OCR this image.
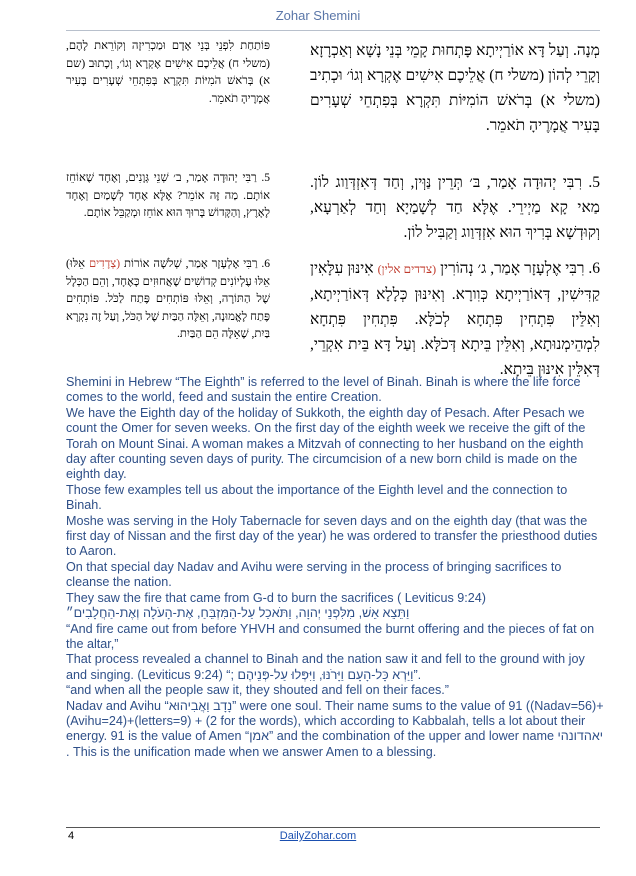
Zohar Shemini
פּוֹתַחַת לִפְנֵי בְּנֵי אָדָם וּמַכְרִיזָה וְקוֹרֵאת לָהֶם, (משלי ח) אֲלֵיכֶם אִישִׁים אֶקְרָא וְגוֹ׳, וְכָתוּב (שם א) בְּרֹאשׁ הֹמִיּוֹת תִּקְרָא בְּפִתְחֵי שְׁעָרִים בָּעִיר אֲמָרֶיהָ תֹאמֵר.
מְנָה. וְעַל דָּא אוֹרַיְיתָא פָּתְחוּת קָמֵי בְּנֵי נָשָׁא וְאַכְרָזָא וְקָרֵי לְהוֹן (משלי ח) אֲלֵיכֶם אִישִׁים אֶקְרָא וְגוֹ׳ וּכְתִיב (משלי א) בְּרֹאשׁ הוֹמִיּוֹת תִּקְרָא בְּפִתְחֵי שְׁעָרִים בָּעִיר אֲמָרֶיהָ תֹאמֵר.
5. רַבִּי יְהוּדָה אָמַר, ב׳ שְׁנֵי גְּוָנִים, וְאֶחָד שֶׁאוֹחֵז אוֹתָם. מַה זֶּה אוֹמֵר? אֶלָּא אֶחָד לְשָׁמַיִם וְאֶחָד לָאָרֶץ, וְהַקָּדוֹשׁ בָּרוּךְ הוּא אוֹחֵז וּמְקַבֵּל אוֹתָם.
5. רִבִּי יְהוּדָה אָמַר, בּ׳ תְּרֵין נַּוְּין, וְחַד דְּאִזְדְּוַוג לוֹן. מַאי קָא מַיְירֵי. אֶלָּא חַד לְשָׁמַיָא וְחַד לְאַרְעָא, וְקוּדְשָׁא בְּרִיךְ הוּא אִזְדְּוַוג וְקַבִּיל לוֹן.
6. רַבִּי אֶלְעָזָר אָמַר, שְׁלֹשָׁה אוֹרוֹת (צְדָדִים אֵלּוּ) אֵלּוּ עֶלְיוֹנִים קְדוֹשִׁים שֶׁאֲחוּזִים כָּאֶחָד, וְהֵם הַכְּלָל שֶׁל הַתּוֹרָה, וְאֵלּוּ פּוֹתְחִים פֶּתַח לַכֹּל. פּוֹתְחִים פֶּתַח לָאֱמוּנָה, וְאֵלֶּה הַבַּיִת שֶׁל הַכֹּל, וְעַל זֶה נִקְרָא בַּיִת, שֶׁאֵלֶּה הֵם הַבַּיִת.
6. רִבִּי אֶלְעָזָר אָמַר, ג׳ נְהוֹרִין (צדדים אלין) אִינּוּן עִלָּאִין קַדִּישִׁין, דְּאוֹרַיְיתָא כְּוִורָא. וְאִינּוּן כְּלָלָא דְּאוֹרַיְיתָא, וְאִלֵּין פִּתְחִין פִּתְחָא לְכֹלָּא. פִּתְחִין פִּתְחָא לִמְהֵימְנוּתָא, וְאִלֵּין בֵּיתָא דְּכֹלָּא. וְעַל דָּא בֵּית אִקְרֵי, דְּאִלֵּין אִינּוּן בֵּיתָא.

Shemini in Hebrew “The Eighth” is referred to the level of Binah. Binah is where the life force comes to the world, feed and sustain the entire Creation.

We have the Eighth day of the holiday of Sukkoth, the eighth day of Pesach. After Pesach we count the Omer for seven weeks. On the first day of the eighth week we receive the gift of the Torah on Mount Sinai. A woman makes a Mitzvah of connecting to her husband on the eighth day after counting seven days of purity. The circumcision of a new born child is made on the eighth day.

Those few examples tell us about the importance of the Eighth level and the connection to Binah.

Moshe was serving in the Holy Tabernacle for seven days and on the eighth day (that was the first day of Nissan and the first day of the year) he was ordered to transfer the priesthood duties to Aaron.

On that special day Nadav and Avihu were serving in the process of bringing sacrifices to cleanse the nation.

They saw the fire that came from G-d to burn the sacrifices ( Leviticus 9:24)

וַתֵּצֵא אֵשׁ, מִלִּפְנֵי יְהוָה, וַתֹּאכַל עַל-הַמִּזְבֵּחַ, אֶת-הָעֹלָה וְאֶת-הַחֲלָבִים״

“And fire came out from before YHVH and consumed the burnt offering and the pieces of fat on the altar,”

That process revealed a channel to Binah and the nation saw it and fell to the ground with joy and singing. (Leviticus 9:24) “; וַיַּרְא כָּל-הָעָם וַיָּרֹנּוּ, וַיִּפְּלוּ עַל-פְּנֵיהֶם”.

“and when all the people saw it, they shouted and fell on their faces.”

Nadav and Avihu “נָדָב וַאֲבִיהוּא” were one soul. Their name sums to the value of 91 ((Nadav=56)+ (Avihu=24)+(letters=9) + (2 for the words), which according to Kabbalah, tells a lot about their energy. 91 is the value of Amen “אמן” and the combination of the upper and lower name יאהדונהי . This is the unification made when we answer Amen to a blessing.

4	DailyZohar.com
